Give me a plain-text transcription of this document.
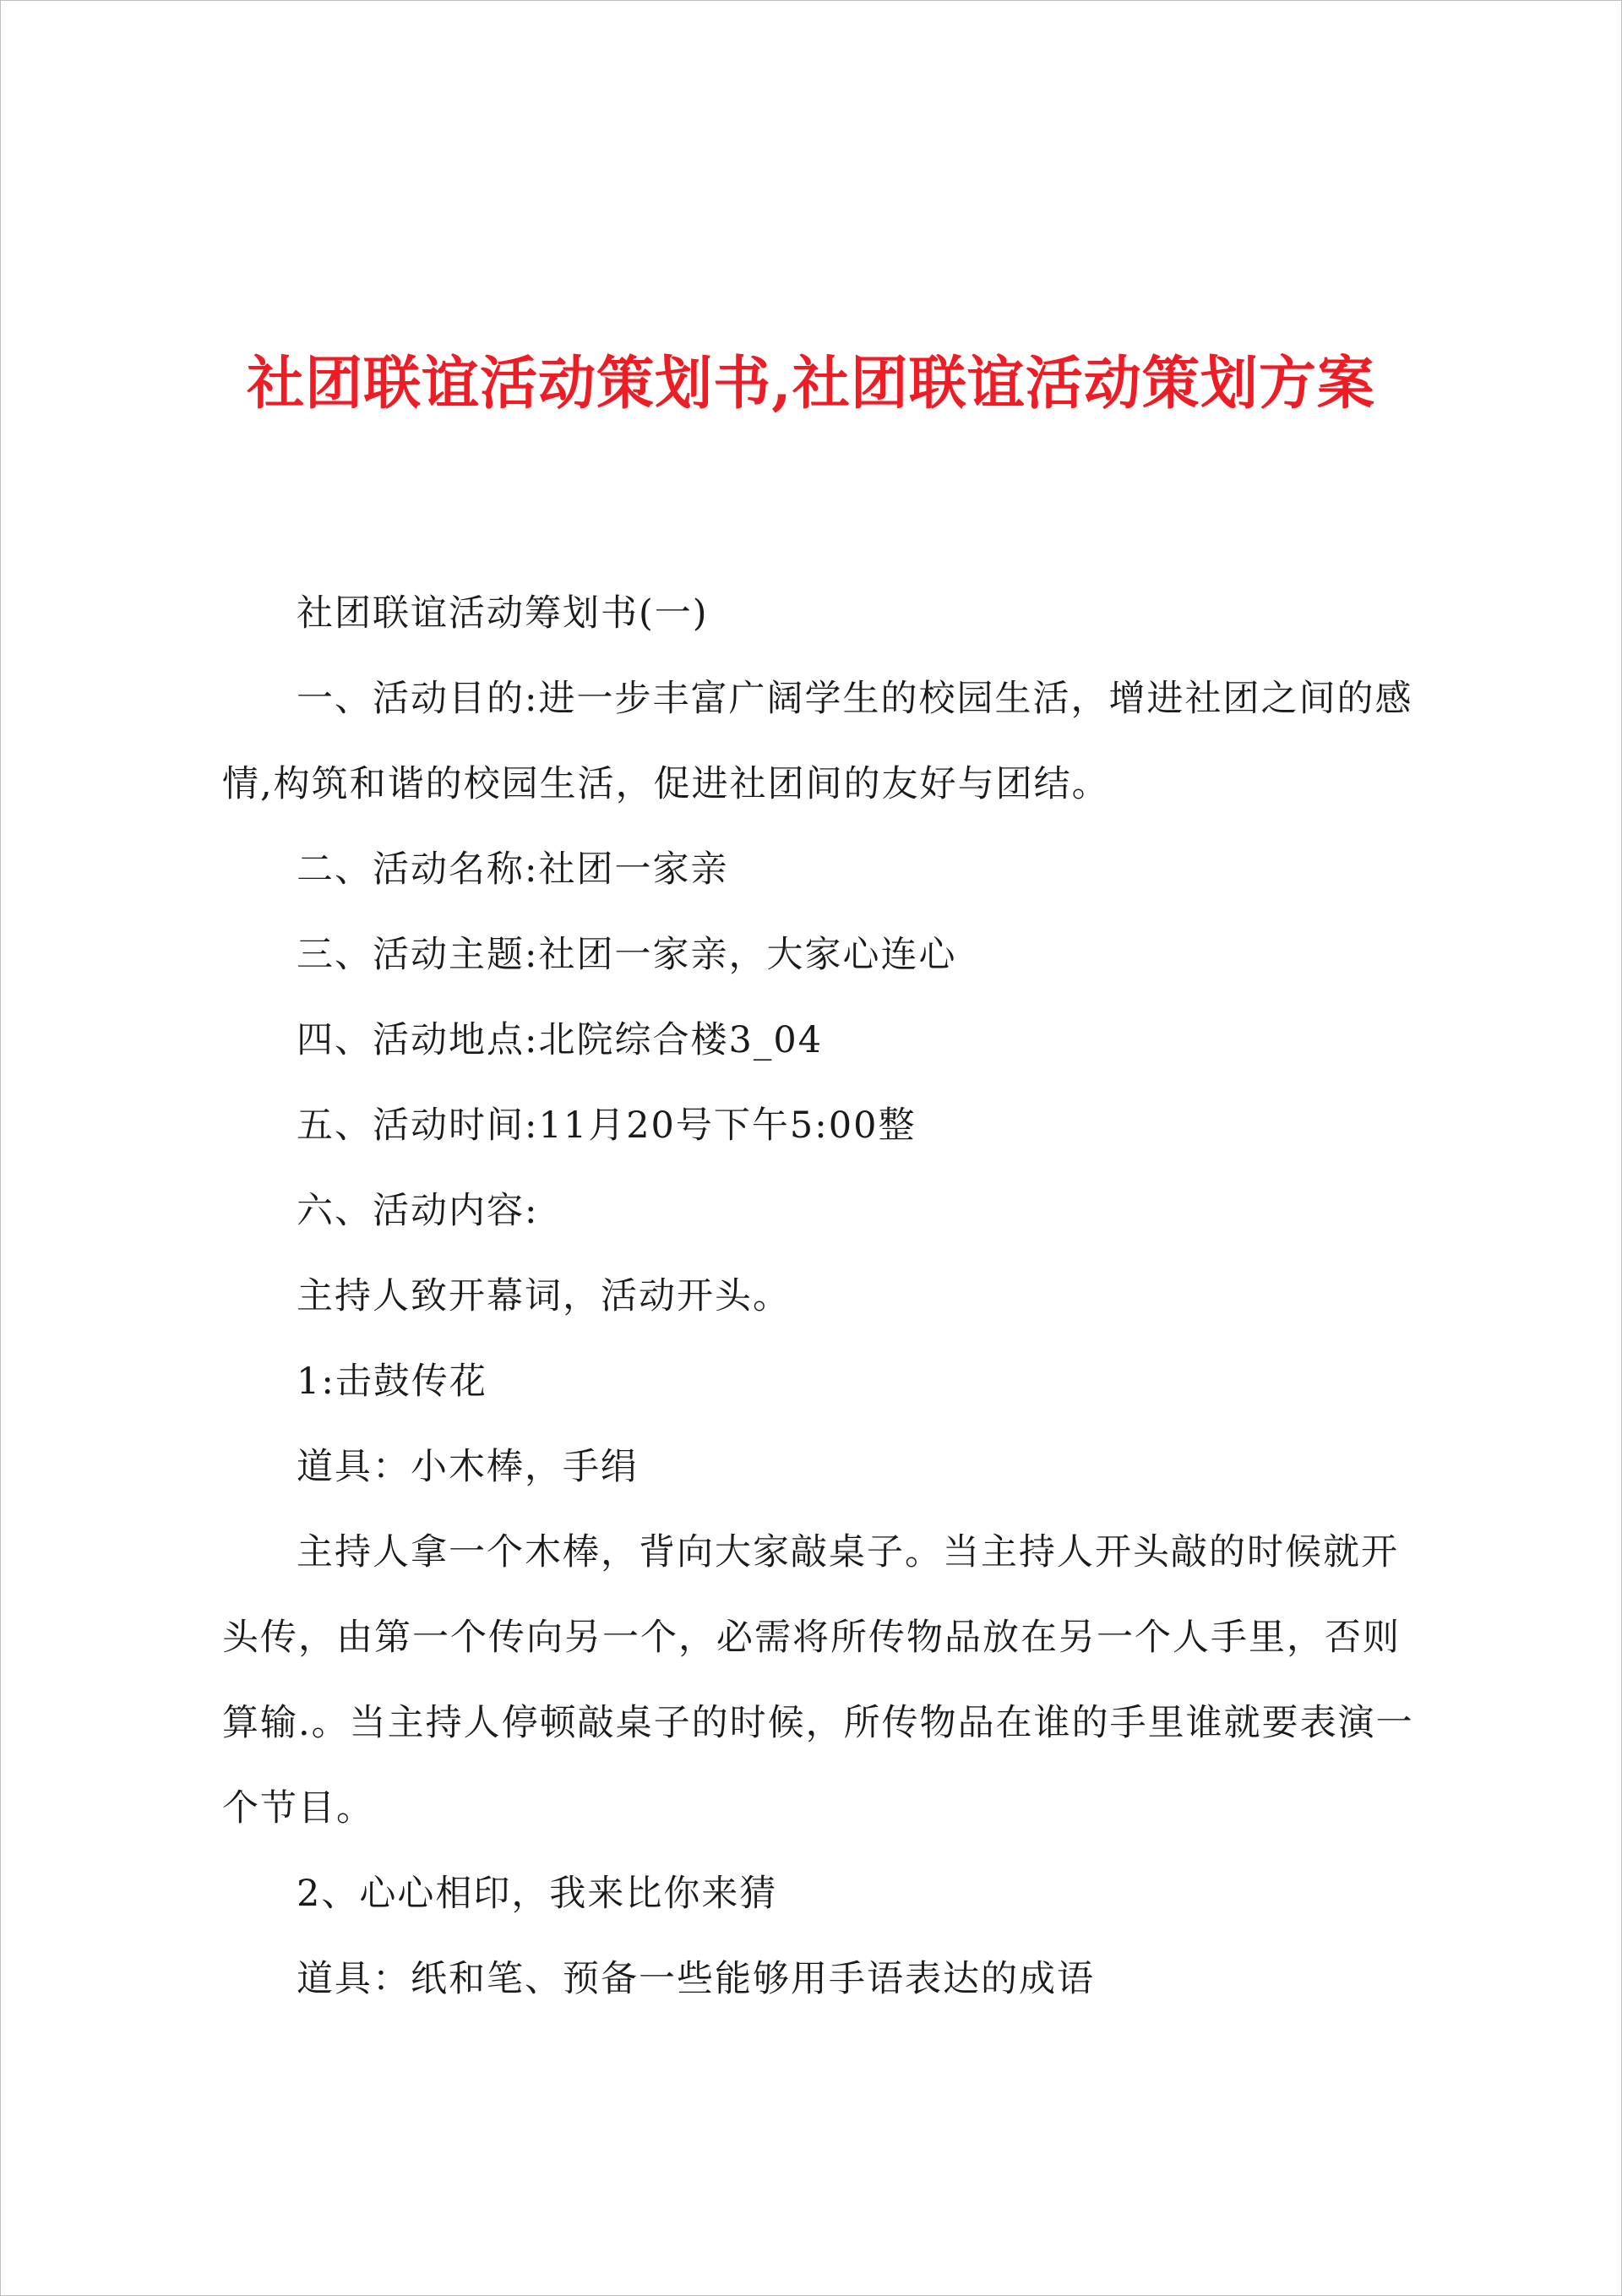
社团联谊活动策划书,社团联谊活动策划方案

社团联谊活动筹划书(一)

一、活动目的:进一步丰富广阔学生的校园生活，增进社团之间的感情,构筑和谐的校园生活，促进社团间的友好与团结。

二、活动名称:社团一家亲

三、活动主题:社团一家亲，大家心连心

四、活动地点:北院综合楼3_04

五、活动时间:11月20号下午5:00整

六、活动内容:

主持人致开幕词，活动开头。

1:击鼓传花

道具：小木棒，手绢

主持人拿一个木棒，背向大家敲桌子。当主持人开头敲的时候就开头传，由第一个传向另一个，必需将所传物品放在另一个人手里，否则算输.。当主持人停顿敲桌子的时候，所传物品在谁的手里谁就要表演一个节目。

2、心心相印，我来比你来猜

道具：纸和笔、预备一些能够用手语表达的成语
